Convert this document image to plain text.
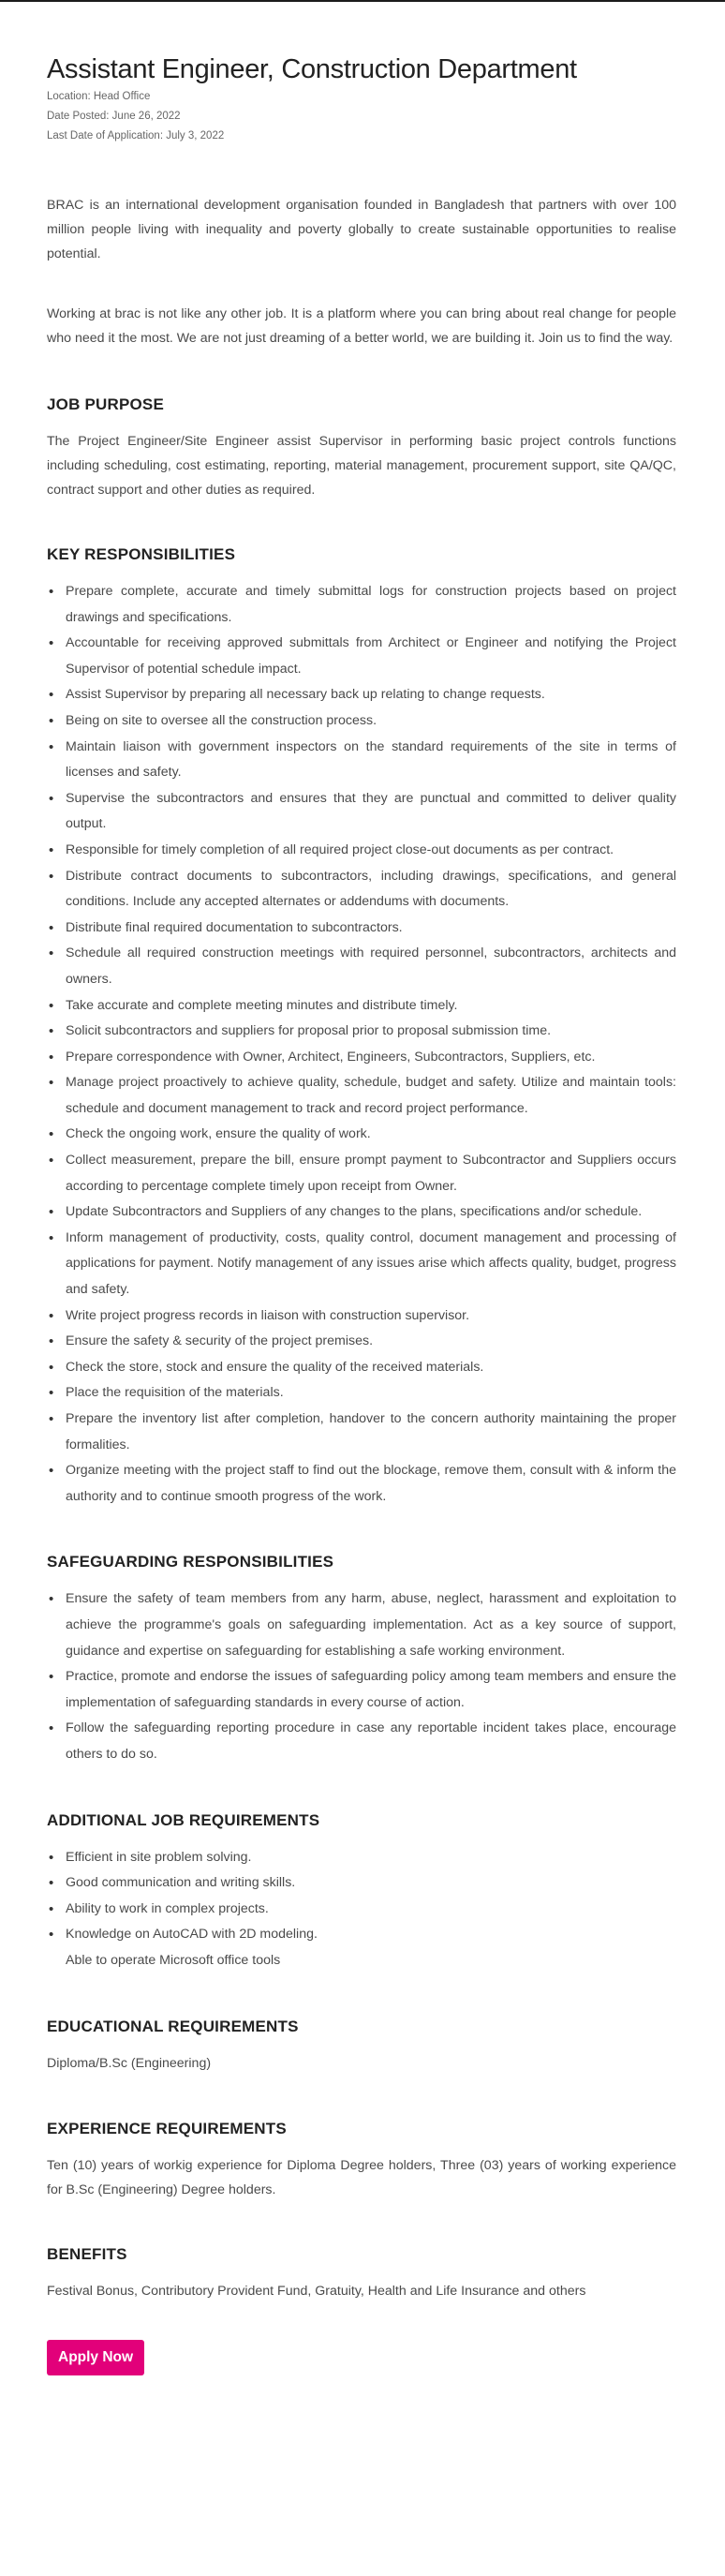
Assistant Engineer, Construction Department
Location: Head Office
Date Posted: June 26, 2022
Last Date of Application: July 3, 2022

BRAC is an international development organisation founded in Bangladesh that partners with over 100 million people living with inequality and poverty globally to create sustainable opportunities to realise potential.

Working at brac is not like any other job. It is a platform where you can bring about real change for people who need it the most. We are not just dreaming of a better world, we are building it. Join us to find the way.

JOB PURPOSE

The Project Engineer/Site Engineer assist Supervisor in performing basic project controls functions including scheduling, cost estimating, reporting, material management, procurement support, site QA/QC, contract support and other duties as required.

KEY RESPONSIBILITIES
• Prepare complete, accurate and timely submittal logs for construction projects based on project drawings and specifications.
• Accountable for receiving approved submittals from Architect or Engineer and notifying the Project Supervisor of potential schedule impact.
• Assist Supervisor by preparing all necessary back up relating to change requests.
• Being on site to oversee all the construction process.
• Maintain liaison with government inspectors on the standard requirements of the site in terms of licenses and safety.
• Supervise the subcontractors and ensures that they are punctual and committed to deliver quality output.
• Responsible for timely completion of all required project close-out documents as per contract.
• Distribute contract documents to subcontractors, including drawings, specifications, and general conditions. Include any accepted alternates or addendums with documents.
• Distribute final required documentation to subcontractors.
• Schedule all required construction meetings with required personnel, subcontractors, architects and owners.
• Take accurate and complete meeting minutes and distribute timely.
• Solicit subcontractors and suppliers for proposal prior to proposal submission time.
• Prepare correspondence with Owner, Architect, Engineers, Subcontractors, Suppliers, etc.
• Manage project proactively to achieve quality, schedule, budget and safety. Utilize and maintain tools: schedule and document management to track and record project performance.
• Check the ongoing work, ensure the quality of work.
• Collect measurement, prepare the bill, ensure prompt payment to Subcontractor and Suppliers occurs according to percentage complete timely upon receipt from Owner.
• Update Subcontractors and Suppliers of any changes to the plans, specifications and/or schedule.
• Inform management of productivity, costs, quality control, document management and processing of applications for payment. Notify management of any issues arise which affects quality, budget, progress and safety.
• Write project progress records in liaison with construction supervisor.
• Ensure the safety & security of the project premises.
• Check the store, stock and ensure the quality of the received materials.
• Place the requisition of the materials.
• Prepare the inventory list after completion, handover to the concern authority maintaining the proper formalities.
• Organize meeting with the project staff to find out the blockage, remove them, consult with & inform the authority and to continue smooth progress of the work.
SAFEGUARDING RESPONSIBILITIES
• Ensure the safety of team members from any harm, abuse, neglect, harassment and exploitation to achieve the programme's goals on safeguarding implementation. Act as a key source of support, guidance and expertise on safeguarding for establishing a safe working environment.
• Practice, promote and endorse the issues of safeguarding policy among team members and ensure the implementation of safeguarding standards in every course of action.
• Follow the safeguarding reporting procedure in case any reportable incident takes place, encourage others to do so.
ADDITIONAL JOB REQUIREMENTS
• Efficient in site problem solving.
• Good communication and writing skills.
• Ability to work in complex projects.
• Knowledge on AutoCAD with 2D modeling.
Able to operate Microsoft office tools
EDUCATIONAL REQUIREMENTS
Diploma/B.Sc (Engineering)
EXPERIENCE REQUIREMENTS

Ten (10) years of workig experience for Diploma Degree holders, Three (03) years of working experience for B.Sc (Engineering) Degree holders.

BENEFITS
Festival Bonus, Contributory Provident Fund, Gratuity, Health and Life Insurance and others
Apply Now
